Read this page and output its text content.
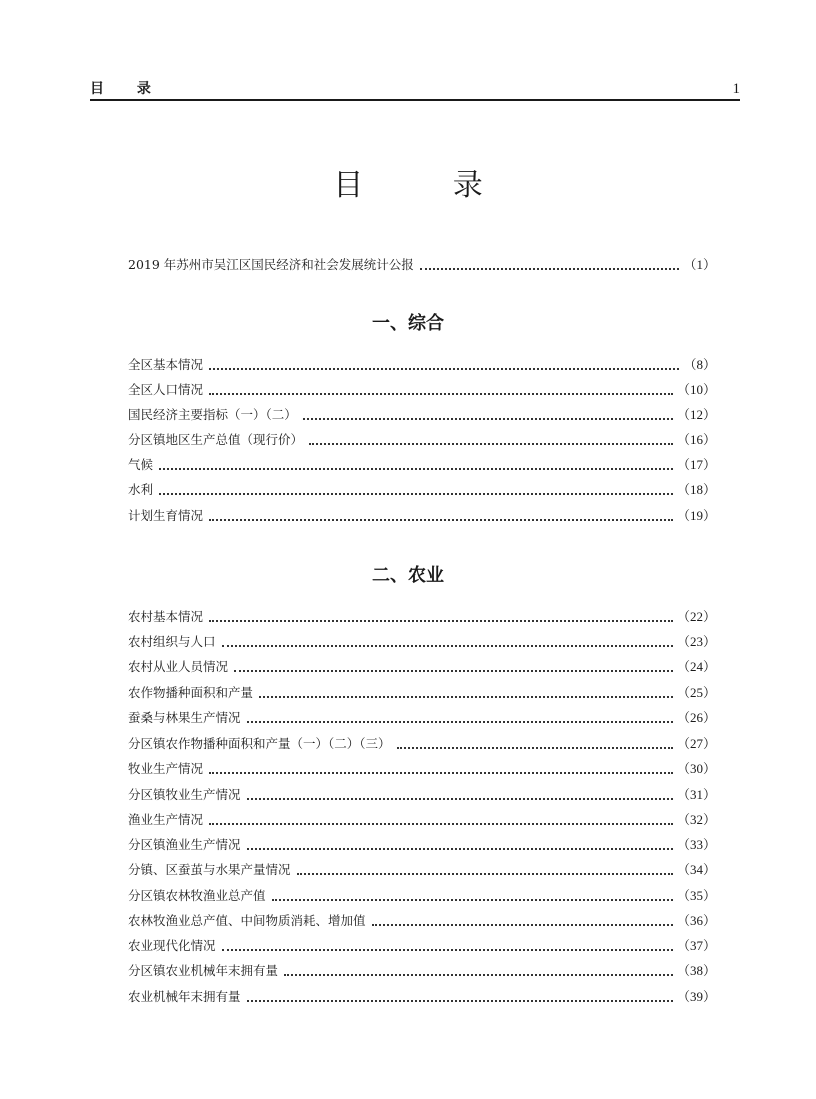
目 录	1
目 录
2019 年苏州市吴江区国民经济和社会发展统计公报	（1）
一、综合
全区基本情况	（8）
全区人口情况	（10）
国民经济主要指标（一）（二）	（12）
分区镇地区生产总值（现行价）	（16）
气候	（17）
水利	（18）
计划生育情况	（19）
二、农业
农村基本情况	（22）
农村组织与人口	（23）
农村从业人员情况	（24）
农作物播种面积和产量	（25）
蚕桑与林果生产情况	（26）
分区镇农作物播种面积和产量（一）（二）（三）	（27）
牧业生产情况	（30）
分区镇牧业生产情况	（31）
渔业生产情况	（32）
分区镇渔业生产情况	（33）
分镇、区蚕茧与水果产量情况	（34）
分区镇农林牧渔业总产值	（35）
农林牧渔业总产值、中间物质消耗、增加值	（36）
农业现代化情况	（37）
分区镇农业机械年末拥有量	（38）
农业机械年末拥有量	（39）
